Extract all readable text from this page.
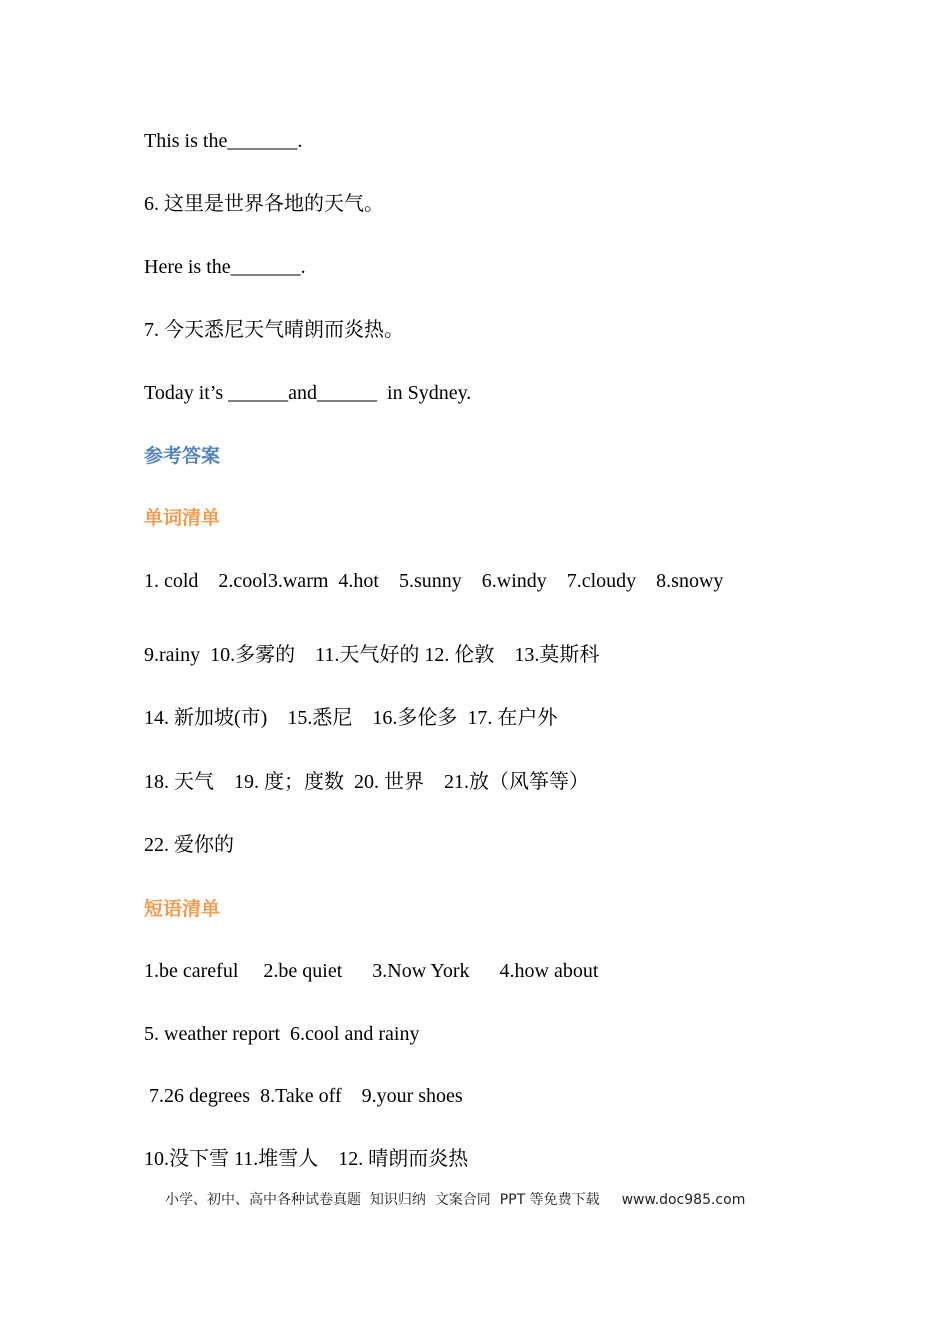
This is the_______.
6. 这里是世界各地的天气。
Here is the_______.
7. 今天悉尼天气晴朗而炎热。
Today it’s ______and______  in Sydney.
参考答案
单词清单
1. cold    2.cool3.warm  4.hot    5.sunny    6.windy    7.cloudy    8.snowy
9.rainy  10.多雾的    11.天气好的 12. 伦敦    13.莫斯科
14. 新加坡(市)    15.悉尼    16.多伦多  17. 在户外
18. 天气    19. 度；度数  20. 世界    21.放（风筝等）
22. 爱你的
短语清单
1.be careful     2.be quiet      3.Now York      4.how about
5. weather report  6.cool and rainy
7.26 degrees  8.Take off    9.your shoes
10.没下雪 11.堆雪人    12. 晴朗而炎热
小学、初中、高中各种试卷真题  知识归纳  文案合同  PPT 等免费下载 www.doc985.com
